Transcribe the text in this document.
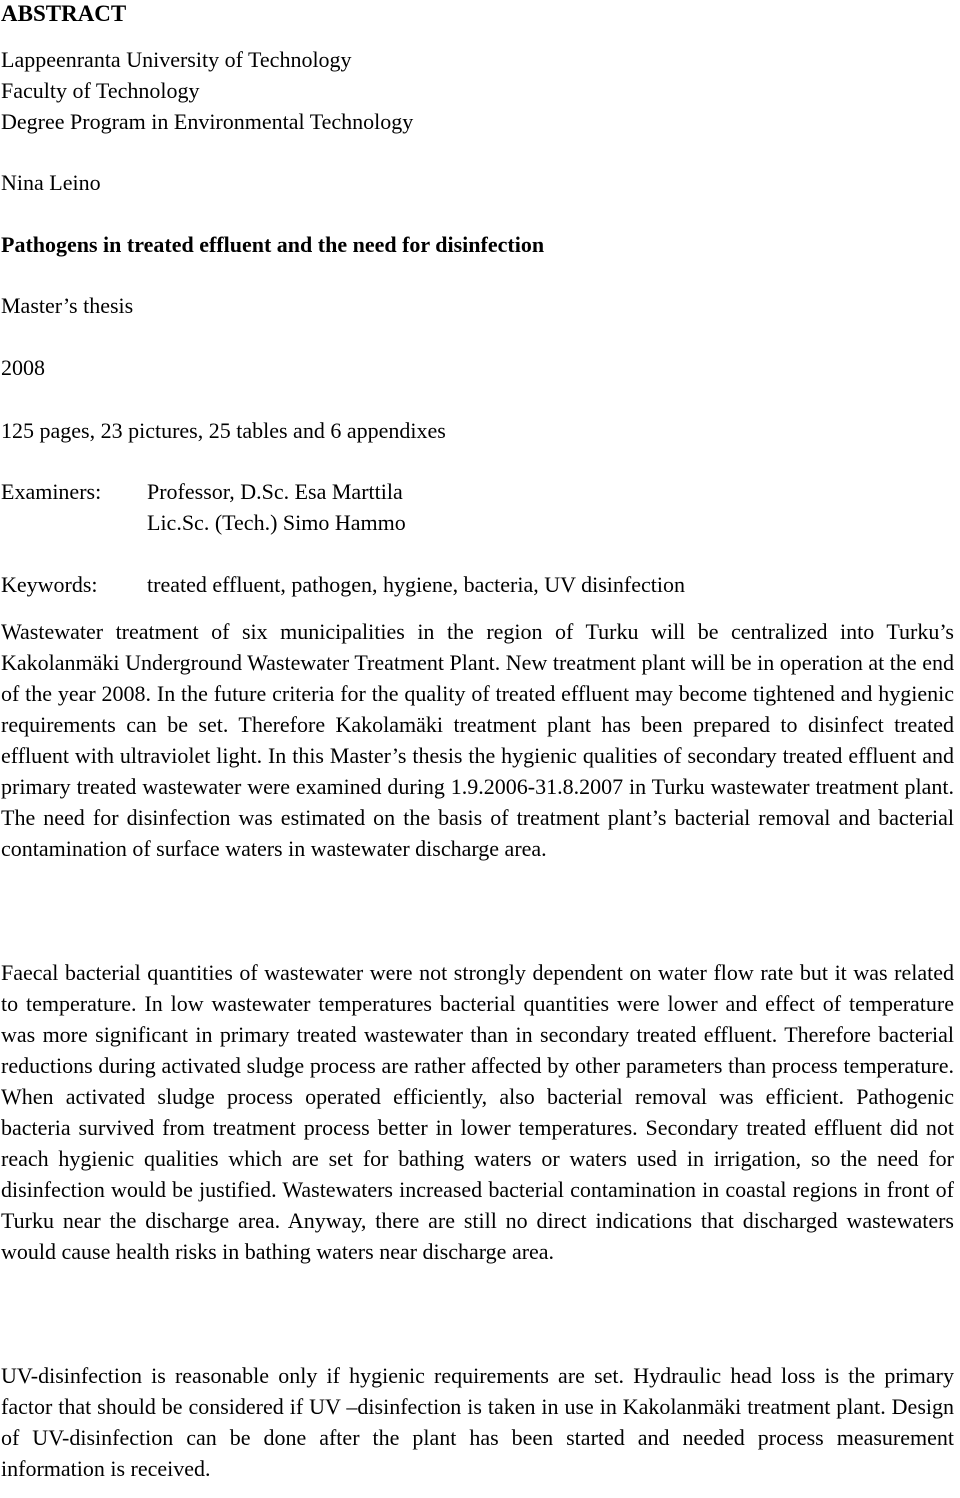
ABSTRACT
Lappeenranta University of Technology
Faculty of Technology
Degree Program in Environmental Technology
Nina Leino
Pathogens in treated effluent and the need for disinfection
Master’s thesis
2008
125 pages, 23 pictures, 25 tables and 6 appendixes
Examiners: Professor, D.Sc. Esa Marttila
Lic.Sc. (Tech.) Simo Hammo
Keywords: treated effluent, pathogen, hygiene, bacteria, UV disinfection

Wastewater treatment of six municipalities in the region of Turku will be centralized into Turku’s Kakolanmäki Underground Wastewater Treatment Plant. New treatment plant will be in operation at the end of the year 2008. In the future criteria for the quality of treated effluent may become tightened and hygienic requirements can be set. Therefore Kakolamäki treatment plant has been prepared to disinfect treated effluent with ultraviolet light. In this Master’s thesis the hygienic qualities of secondary treated effluent and primary treated wastewater were examined during 1.9.2006-31.8.2007 in Turku wastewater treatment plant. The need for disinfection was estimated on the basis of treatment plant’s bacterial removal and bacterial contamination of surface waters in wastewater discharge area.

Faecal bacterial quantities of wastewater were not strongly dependent on water flow rate but it was related to temperature. In low wastewater temperatures bacterial quantities were lower and effect of temperature was more significant in primary treated wastewater than in secondary treated effluent. Therefore bacterial reductions during activated sludge process are rather affected by other parameters than process temperature. When activated sludge process operated efficiently, also bacterial removal was efficient. Pathogenic bacteria survived from treatment process better in lower temperatures. Secondary treated effluent did not reach hygienic qualities which are set for bathing waters or waters used in irrigation, so the need for disinfection would be justified. Wastewaters increased bacterial contamination in coastal regions in front of Turku near the discharge area. Anyway, there are still no direct indications that discharged wastewaters would cause health risks in bathing waters near discharge area.

UV-disinfection is reasonable only if hygienic requirements are set. Hydraulic head loss is the primary factor that should be considered if UV –disinfection is taken in use in Kakolanmäki treatment plant. Design of UV-disinfection can be done after the plant has been started and needed process measurement information is received.
